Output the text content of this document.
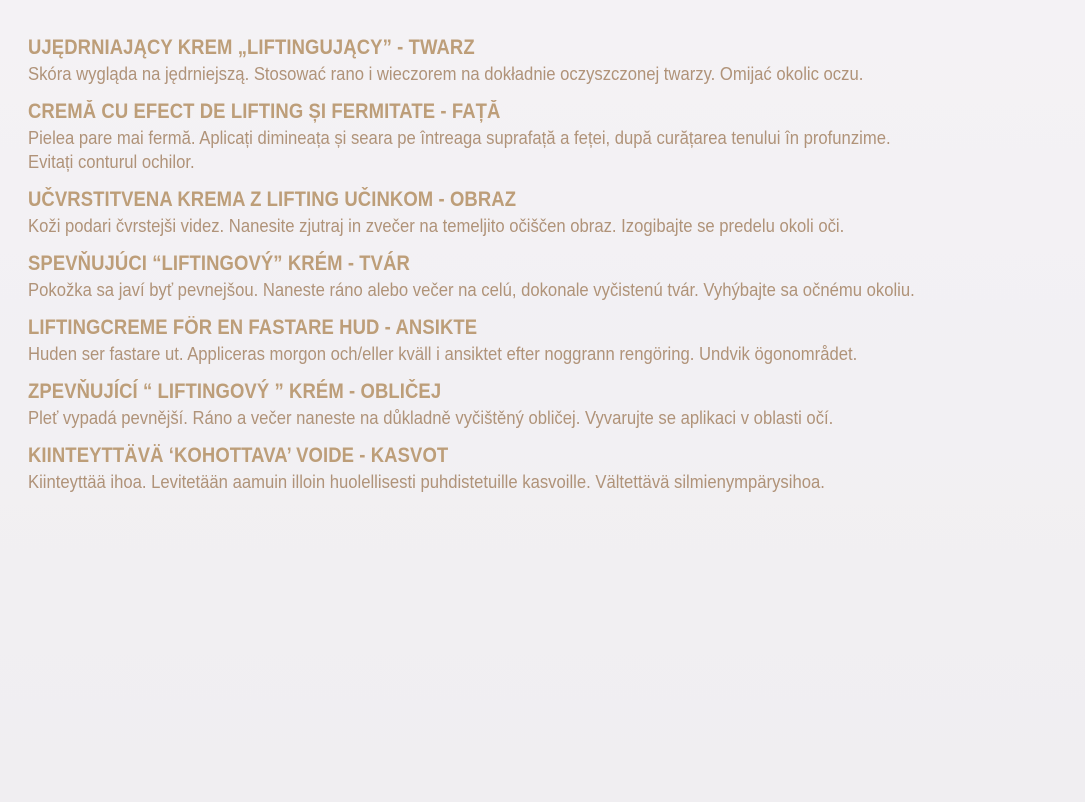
UJĘDRNIAJĄCY KREM „LIFTINGUJĄCY” - TWARZ
Skóra wygląda na jędrniejszą. Stosować rano i wieczorem na dokładnie oczyszczonej twarzy. Omijać okolic oczu.
CREMĂ CU EFECT DE LIFTING ȘI FERMITATE - FAȚĂ
Pielea pare mai fermă. Aplicați dimineața și seara pe întreaga suprafață a feței, după curățarea tenului în profunzime.
Evitați conturul ochilor.
UČVRSTITVENA KREMA Z LIFTING UČINKOM - OBRAZ
Koži podari čvrstejši videz. Nanesite zjutraj in zvečer na temeljito očiščen obraz. Izogibajte se predelu okoli oči.
SPEVŇUJÚCI “LIFTINGOVÝ” KRÉM - TVÁR
Pokožka sa javí byť pevnejšou. Naneste ráno alebo večer na celú, dokonale vyčistenú tvár. Vyhýbajte sa očnému okoliu.
LIFTINGCREME FÖR EN FASTARE HUD - ANSIKTE
Huden ser fastare ut. Appliceras morgon och/eller kväll i ansiktet efter noggrann rengöring. Undvik ögonområdet.
ZPEVŇUJÍCÍ “ LIFTINGOVÝ ” KRÉM - OBLIČEJ
Pleť vypadá pevnější. Ráno a večer naneste na důkladně vyčištěný obličej. Vyvarujte se aplikaci v oblasti očí.
KIINTEYTTÄVÄ ‘KOHOTTAVA’ VOIDE - KASVOT
Kiinteyttää ihoa. Levitetään aamuin illoin huolellisesti puhdistetuille kasvoille. Vältettävä silmienympärysihoa.
